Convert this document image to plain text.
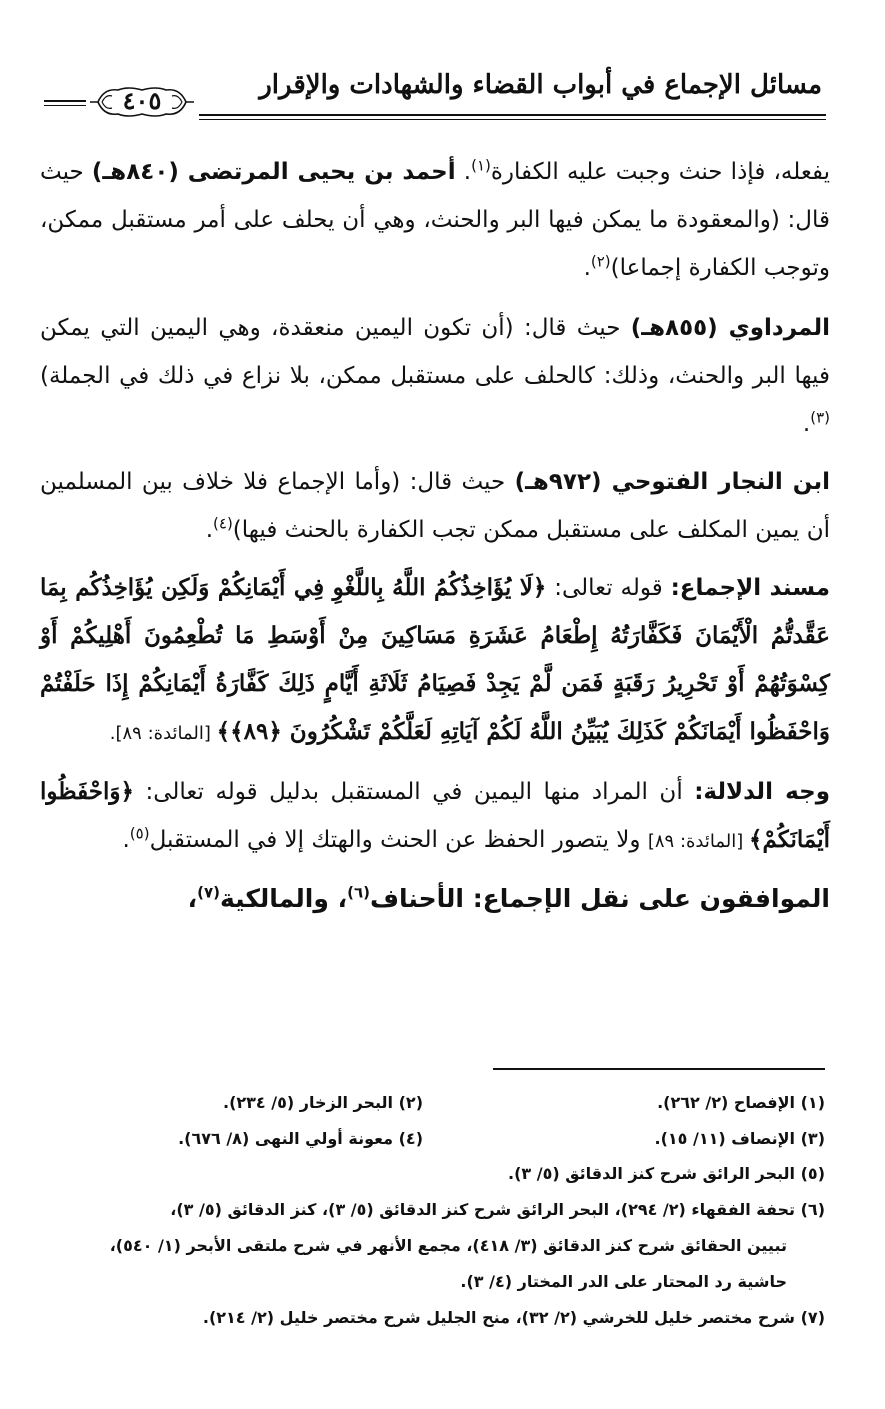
مسائل الإجماع في أبواب القضاء والشهادات والإقرار
٤٠٥

يفعله، فإذا حنث وجبت عليه الكفارة$^{(١)}$. أحمد بن يحيى المرتضى (٨٤٠هـ) حيث قال: (والمعقودة ما يمكن فيها البر والحنث، وهي أن يحلف على أمر مستقبل ممكن، وتوجب الكفارة إجماعا)$^{(٢)}$.

المرداوي (٨٥٥هـ) حيث قال: (أن تكون اليمين منعقدة، وهي اليمين التي يمكن فيها البر والحنث، وذلك: كالحلف على مستقبل ممكن، بلا نزاع في ذلك في الجملة)$^{(٣)}$.

ابن النجار الفتوحي (٩٧٢هـ) حيث قال: (وأما الإجماع فلا خلاف بين المسلمين أن يمين المكلف على مستقبل ممكن تجب الكفارة بالحنث فيها)$^{(٤)}$.

مسند الإجماع: قوله تعالى: ﴿لَا يُؤَاخِذُكُمُ اللَّهُ بِاللَّغْوِ فِي أَيْمَانِكُمْ وَلَكِن يُؤَاخِذُكُم بِمَا عَقَّدتُّمُ الْأَيْمَانَ فَكَفَّارَتُهُ إِطْعَامُ عَشَرَةِ مَسَاكِينَ مِنْ أَوْسَطِ مَا تُطْعِمُونَ أَهْلِيكُمْ أَوْ كِسْوَتُهُمْ أَوْ تَحْرِيرُ رَقَبَةٍ فَمَن لَّمْ يَجِدْ فَصِيَامُ ثَلَاثَةِ أَيَّامٍ ذَلِكَ كَفَّارَةُ أَيْمَانِكُمْ إِذَا حَلَفْتُمْ وَاحْفَظُوا أَيْمَانَكُمْ كَذَلِكَ يُبَيِّنُ اللَّهُ لَكُمْ آيَاتِهِ لَعَلَّكُمْ تَشْكُرُونَ ﴿٨٩﴾﴾ [المائدة: ٨٩].

وجه الدلالة: أن المراد منها اليمين في المستقبل بدليل قوله تعالى: ﴿وَاحْفَظُوا أَيْمَانَكُمْ﴾ [المائدة: ٨٩] ولا يتصور الحفظ عن الحنث والهتك إلا في المستقبل$^{(٥)}$.

الموافقون على نقل الإجماع: الأحناف$^{(٦)}$، والمالكية$^{(٧)}$،
(١) الإفصاح (٢/ ٢٦٢).
(٢) البحر الزخار (٥/ ٢٣٤).
(٣) الإنصاف (١١/ ١٥).
(٤) معونة أولي النهى (٨/ ٦٧٦).
(٥) البحر الرائق شرح كنز الدقائق (٥/ ٣).
(٦) تحفة الفقهاء (٢/ ٢٩٤)، البحر الرائق شرح كنز الدقائق (٥/ ٣)، كنز الدقائق (٥/ ٣)،
تبيين الحقائق شرح كنز الدقائق (٣/ ٤١٨)، مجمع الأنهر في شرح ملتقى الأبحر (١/ ٥٤٠)،
حاشية رد المحتار على الدر المختار (٤/ ٣).
(٧) شرح مختصر خليل للخرشي (٢/ ٣٢)، منح الجليل شرح مختصر خليل (٢/ ٢١٤).
